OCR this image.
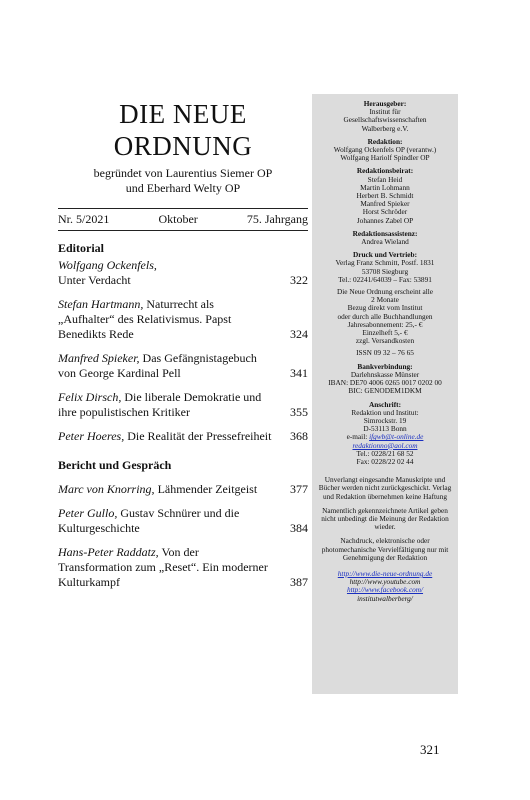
DIE NEUE
ORDNUNG
begründet von Laurentius Siemer OP
und Eberhard Welty OP
Nr. 5/2021	Oktober	75. Jahrgang
Editorial
Wolfgang Ockenfels,
Unter Verdacht	322
Stefan Hartmann, Naturrecht als „Aufhalter“ des Relativismus. Papst Benedikts Rede	324
Manfred Spieker, Das Gefängnistagebuch von George Kardinal Pell	341
Felix Dirsch, Die liberale Demokratie und ihre populistischen Kritiker	355
Peter Hoeres, Die Realität der Pressefreiheit	368
Bericht und Gespräch
Marc von Knorring, Lähmender Zeitgeist	377
Peter Gullo, Gustav Schnürer und die Kulturgeschichte	384
Hans-Peter Raddatz, Von der Transformation zum „Reset“. Ein moderner Kulturkampf	387
Herausgeber:
Institut für
Gesellschaftswissenschaften
Walberberg e.V.
Redaktion:
Wolfgang Ockenfels OP (verantw.)
Wolfgang Hariolf Spindler OP
Redaktionsbeirat:
Stefan Heid
Martin Lohmann
Herbert B. Schmidt
Manfred Spieker
Horst Schröder
Johannes Zabel OP
Redaktionsassistenz:
Andrea Wieland
Druck und Vertrieb:
Verlag Franz Schmitt, Postf. 1831
53708 Siegburg
Tel.: 02241/64039 – Fax: 53891
Die Neue Ordnung erscheint alle
2 Monate
Bezug direkt vom Institut
oder durch alle Buchhandlungen
Jahresabonnement: 25,- €
Einzelheft 5,- €
zzgl. Versandkosten
ISSN 09 32 – 76 65
Bankverbindung:
Darlehnskasse Münster
IBAN: DE70 4006 0265 0017 0202 00
BIC: GENODEM1DKM
Anschrift:
Redaktion und Institut:
Simrockstr. 19
D-53113 Bonn
e-mail: ifgwb@t-online.de
redaktionno@aol.com
Tel.: 0228/21 68 52
Fax: 0228/22 02 44
Unverlangt eingesandte Manuskripte und Bücher werden nicht zurückgeschickt. Verlag und Redaktion übernehmen keine Haftung
Namentlich gekennzeichnete Artikel geben nicht unbedingt die Meinung der Redaktion wieder.
Nachdruck, elektronische oder photomechanische Vervielfältigung nur mit Genehmigung der Redaktion
http://www.die-neue-ordnung.de
http://www.youtube.com
http://www.facebook.com/
institutwalberberg/
321
